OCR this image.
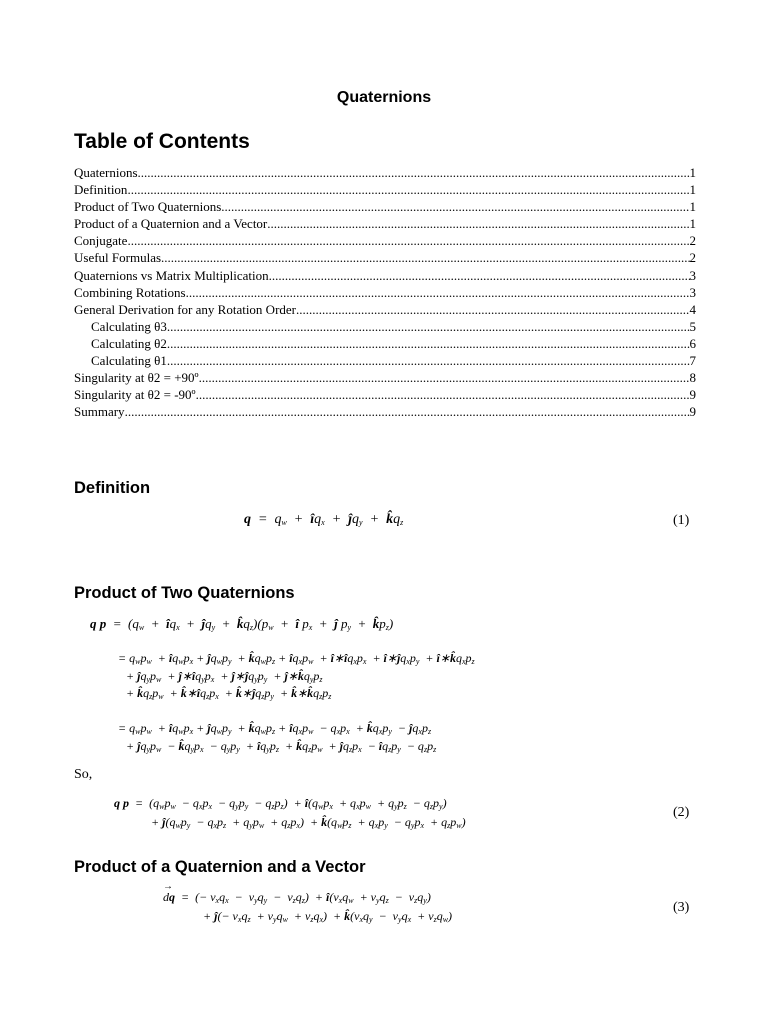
Quaternions
Table of Contents
Quaternions .....	1
Definition .....	1
Product of Two Quaternions .....	1
Product of a Quaternion and a Vector .....	1
Conjugate .....	2
Useful Formulas .....	2
Quaternions vs Matrix Multiplication .....	3
Combining Rotations .....	3
General Derivation for any Rotation Order .....	4
Calculating θ3 .....	5
Calculating θ2 .....	6
Calculating θ1 .....	7
Singularity at θ2 = +90º .....	8
Singularity at θ2 = -90º .....	9
Summary .....	9
Definition
$q = q_w$  +  $îq_x$  +  $ĵq_y$  +  $k̂q_z$	(1)
Product of Two Quaternions
q $p = (q_w$  +  $îq_x$  +  $ĵq_y$  +  $k̂q_z)(p_w$  +  î $p_x$  +  ĵ $p_y$  +  $k̂p_z$)
= $q_wp_w$  + $îq_wp_x$ + $ĵq_wp_y$  + $k̂q_wp_z$ + $îq_xp_w$  + $î∗îq_xp_x$  + $î∗ĵq_xp_y$  + $î∗k̂q_xp_z$
+ $ĵq_yp_w$  + $ĵ∗îq_yp_x$  + $ĵ∗ĵq_yp_y$  + $ĵ∗k̂q_yp_z$
+ $k̂q_zp_w$  + $k̂∗îq_zp_x$  + $k̂∗ĵq_zp_y$  + $k̂∗k̂q_zp_z$
= $q_wp_w$  + $îq_wp_x$ + $ĵq_wp_y$  + $k̂q_wp_z$ + $îq_xp_w - q_xp_x$  + $k̂q_xp_y$  − $ĵq_xp_z$
+ $ĵq_yp_w$  − $k̂q_yp_x - q_yp_y$  + $îq_yp_z$  + $k̂q_zp_w$  + $ĵq_zp_x$  − $îq_zp_y - q_zp_z$
So,
q $p = (q_wp_w - q_xp_x - q_yp_y - q_zp_z)$  + $î(q_wp_x + q_xp_w + q_yp_z - q_zp_y)$
+ $ĵ(q_wp_y - q_xp_z + q_yp_w + q_zp_x)$  + $k̂(q_wp_z + q_xp_y - q_yp_x + q_zp_w)$
(2)
Product of a Quaternion and a Vector
d
→
q  =  (− $v_xq_x - v_yq_y - v_zq_z$)  + $î(v_xq_w + v_yq_z - v_zq_y)$
+ ĵ(− $v_xq_z + v_yq_w + v_zq_x$)  + $k̂(v_xq_y - v_yq_x + v_zq_w)$
(3)
